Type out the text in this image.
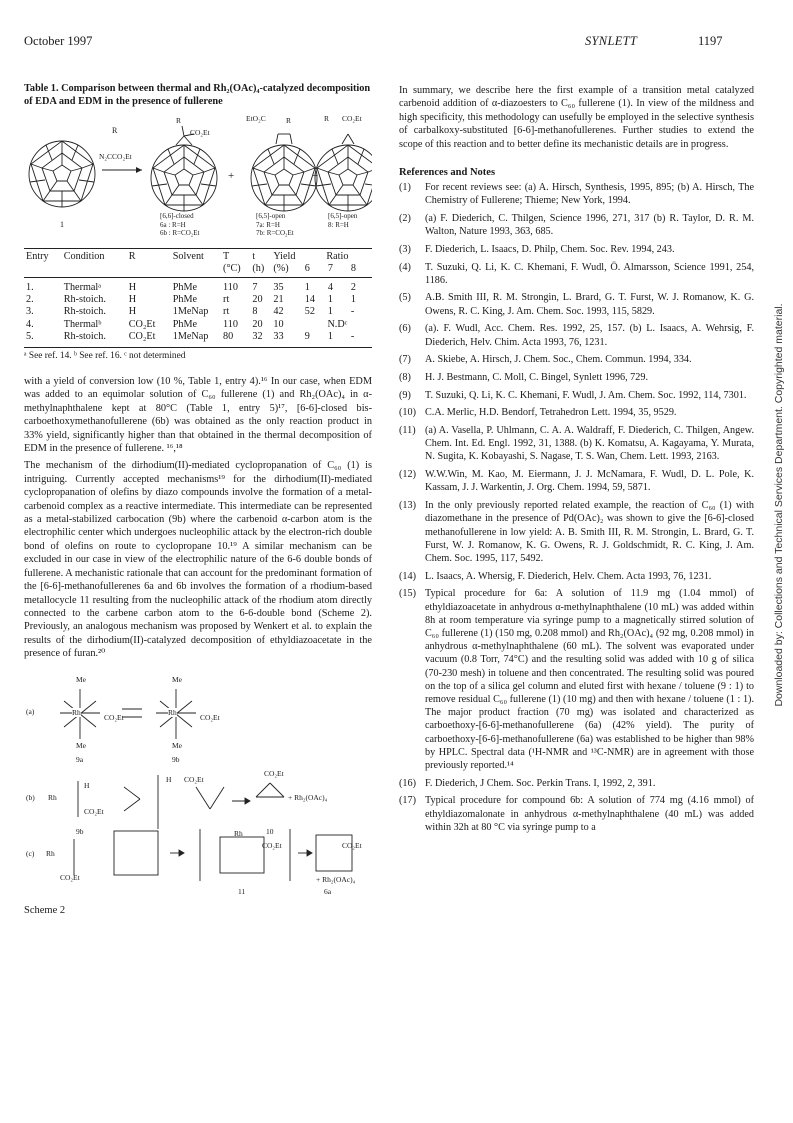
October 1997	SYNLETT	1197
Downloaded by: Collections and Technical Services Department. Copyrighted material.
Table 1. Comparison between thermal and Rh₂(OAc)₄-catalyzed decomposition of EDA and EDM in the presence of fullerene
R
N₂CCO₂Et
R
CO₂Et
EtO₂C	R	R CO₂Et
+	+
1
[6,6]-closed
6a : R=H
6b : R=CO₂Et
[6,5]-open
7a: R=H
7b: R=CO₂Et
[6,5]-open
8: R=H
Entry	Condition	R	Solvent	T	t	Yield	Ratio		
				(°C)	(h)	(%)	6	7	8
1.	Thermalᵃ	H	PhMe	110	7	35	1	4	2
2.	Rh-stoich.	H	PhMe	rt	20	21	14	1	1
3.	Rh-stoich.	H	1MeNap	rt	8	42	52	1	-
4.	Thermalᵇ	CO₂Et	PhMe	110	20	10	N.Dᶜ		
5.	Rh-stoich.	CO₂Et	1MeNap	80	32	33	9	1	-
ᵃ See ref. 14. ᵇ See ref. 16. ᶜ not determined

with a yield of conversion low (10 %, Table 1, entry 4).¹⁶ In our case, when EDM was added to an equimolar solution of C₆₀ fullerene (1) and Rh₂(OAc)₄ in α-methylnaphthalene kept at 80°C (Table 1, entry 5)¹⁷, [6-6]-closed bis-carboethoxymethanofullerene (6b) was obtained as the only reaction product in 33% yield, significantly higher than that obtained in the thermal decomposition of EDM in the presence of fullerene. ¹⁶,¹⁸

The mechanism of the dirhodium(II)-mediated cyclopropanation of C₆₀ (1) is intriguing. Currently accepted mechanisms¹⁹ for the dirhodium(II)-mediated cyclopropanation of olefins by diazo compounds involve the formation of a metal-carbenoid complex as a reactive intermediate. This intermediate can be represented as a metal-stabilized carbocation (9b) where the carbenoid α-carbon atom is the electrophilic center which undergoes nucleophilic attack by the electron-rich double bond of olefins on route to cyclopropane 10.¹⁹ A similar mechanism can be excluded in our case in view of the electrophilic nature of the 6-6 double bonds of fullerene. A mechanistic rationale that can account for the predominant formation of the [6-6]-methanofullerenes 6a and 6b involves the formation of a rhodium-based metallocycle 11 resulting from the nucleophilic attack of the rhodium atom directly connected to the carbene carbon atom to the 6-6-double bond (Scheme 2). Previously, an analogous mechanism was proposed by Wenkert et al. to explain the results of the dirhodium(II)-catalyzed decomposition of ethyldiazoacetate in the presence of furan.²⁰

(a)
Me	Me
Me	Me
Rh	Rh
CO₂Et	CO₂Et
9a	9b
(b) Rh
H
CO₂Et
CO₂Et
H
CO₂Et
+ Rh₂(OAc)₄
9b	10
(c) Rh
CO₂Et
Rh
CO₂Et	CO₂Et
+ Rh₂(OAc)₄
11	6a
Scheme 2

In summary, we describe here the first example of a transition metal catalyzed carbenoid addition of α-diazoesters to C₆₀ fullerene (1). In view of the mildness and high specificity, this methodology can usefully be employed in the selective synthesis of carbalkoxy-substituted [6-6]-methanofullerenes. Further studies to extend the scope of this reaction and to better define its mechanistic details are in progress.

References and Notes
(1)	For recent reviews see: (a) A. Hirsch, Synthesis, 1995, 895; (b) A. Hirsch, The Chemistry of Fullerene; Thieme; New York, 1994.
(2)	(a) F. Diederich, C. Thilgen, Science 1996, 271, 317 (b) R. Taylor, D. R. M. Walton, Nature 1993, 363, 685.
(3)	F. Diederich, L. Isaacs, D. Philp, Chem. Soc. Rev. 1994, 243.
(4)	T. Suzuki, Q. Li, K. C. Khemani, F. Wudl, Ö. Almarsson, Science 1991, 254, 1186.
(5)	A.B. Smith III, R. M. Strongin, L. Brard, G. T. Furst, W. J. Romanow, K. G. Owens, R. C. King, J. Am. Chem. Soc. 1993, 115, 5829.
(6)	(a). F. Wudl, Acc. Chem. Res. 1992, 25, 157. (b) L. Isaacs, A. Wehrsig, F. Diederich, Helv. Chim. Acta 1993, 76, 1231.
(7)	A. Skiebe, A. Hirsch, J. Chem. Soc., Chem. Commun. 1994, 334.
(8)	H. J. Bestmann, C. Moll, C. Bingel, Synlett 1996, 729.
(9)	T. Suzuki, Q. Li, K. C. Khemani, F. Wudl, J. Am. Chem. Soc. 1992, 114, 7301.
(10) C.A. Merlic, H.D. Bendorf, Tetrahedron Lett. 1994, 35, 9529.
(11) (a) A. Vasella, P. Uhlmann, C. A. A. Waldraff, F. Diederich, C. Thilgen, Angew. Chem. Int. Ed. Engl. 1992, 31, 1388. (b) K. Komatsu, A. Kagayama, Y. Murata, N. Sugita, K. Kobayashi, S. Nagase, T. S. Wan, Chem. Lett. 1993, 2163.
(12) W.W.Win, M. Kao, M. Eiermann, J. J. McNamara, F. Wudl, D. L. Pole, K. Kassam, J. J. Warkentin, J. Org. Chem. 1994, 59, 5871.
(13) In the only previously reported related example, the reaction of C₆₀ (1) with diazomethane in the presence of Pd(OAc)₂ was shown to give the [6-6]-closed methanofullerene in low yield: A. B. Smith III, R. M. Strongin, L. Brard, G. T. Furst, W. J. Romanow, K. G. Owens, R. J. Goldschmidt, R. C. King, J. Am. Chem. Soc. 1995, 117, 5492.
(14) L. Isaacs, A. Whersig, F. Diederich, Helv. Chem. Acta 1993, 76, 1231.
(15) Typical procedure for 6a: A solution of 11.9 mg (1.04 mmol) of ethyldiazoacetate in anhydrous α-methylnaphthalene (10 mL) was added within 8h at room temperature via syringe pump to a magnetically stirred solution of C₆₀ fullerene (1) (150 mg, 0.208 mmol) and Rh₂(OAc)₄ (92 mg, 0.208 mmol) in anhydrous α-methylnaphthalene (60 mL). The solvent was evaporated under vacuum (0.8 Torr, 74°C) and the resulting solid was added with 10 g of silica (70-230 mesh) in toluene and then concentrated. The resulting solid was poured on the top of a silica gel column and eluted first with hexane / toluene (9 : 1) to remove residual C₆₀ fullerene (1) (10 mg) and then with hexane / toluene (1 : 1). The major product fraction (70 mg) was isolated and characterized as carboethoxy-[6-6]-methanofullerene (6a) (42% yield). The purity of carboethoxy-[6-6]-methanofullerene (6a) was established to be higher than 98% by HPLC. Spectral data (¹H-NMR and ¹³C-NMR) are in agreement with those previously reported.¹⁴
(16) F. Diederich, J Chem. Soc. Perkin Trans. I, 1992, 2, 391.
(17) Typical procedure for compound 6b: A solution of 774 mg (4.16 mmol) of ethyldiazomalonate in anhydrous α-methylnaphthalene (40 mL) was added within 32h at 80 °C via syringe pump to a
